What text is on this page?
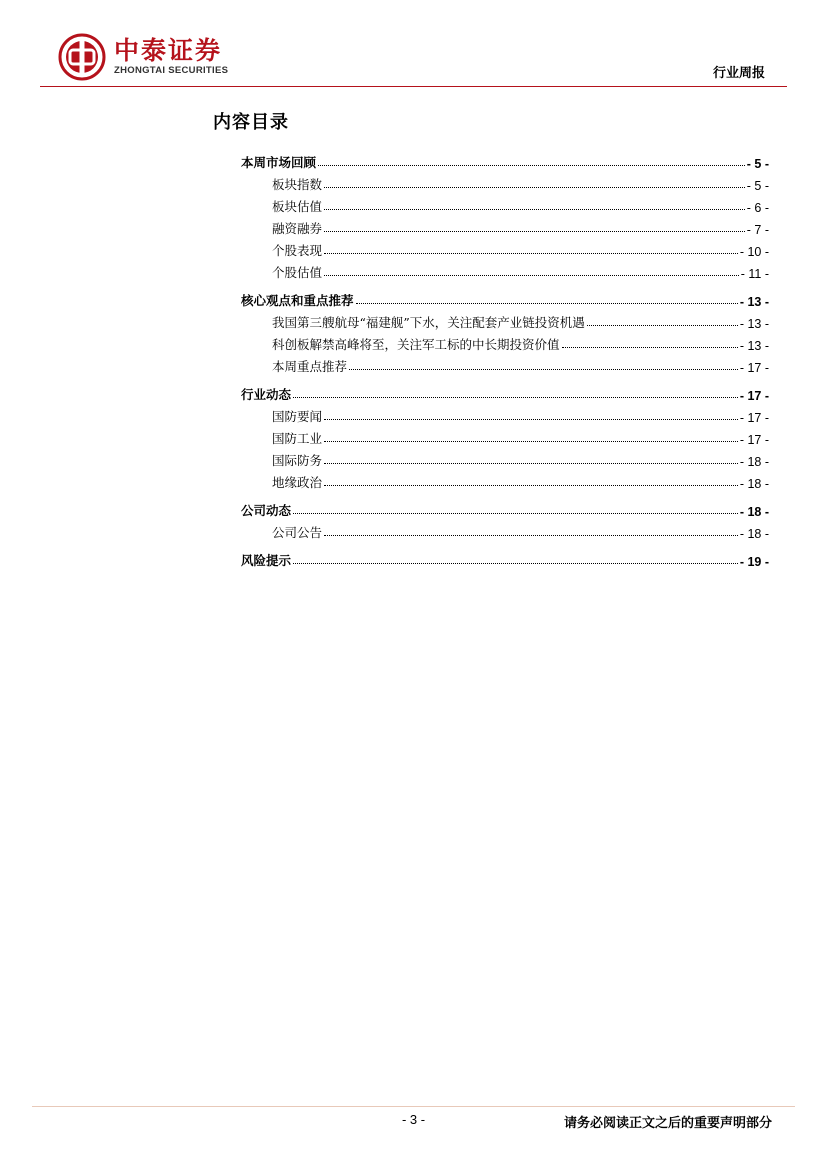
中泰证券
ZHONGTAI SECURITIES	行业周报
内容目录
本周市场回顾	- 5 -
板块指数	- 5 -
板块估值	- 6 -
融资融券	- 7 -
个股表现	- 10 -
个股估值	- 11 -
核心观点和重点推荐	- 13 -
我国第三艘航母“福建舰”下水，关注配套产业链投资机遇	- 13 -
科创板解禁高峰将至，关注军工标的中长期投资价值	- 13 -
本周重点推荐	- 17 -
行业动态	- 17 -
国防要闻	- 17 -
国防工业	- 17 -
国际防务	- 18 -
地缘政治	- 18 -
公司动态	- 18 -
公司公告	- 18 -
风险提示	- 19 -
- 3 -	请务必阅读正文之后的重要声明部分
